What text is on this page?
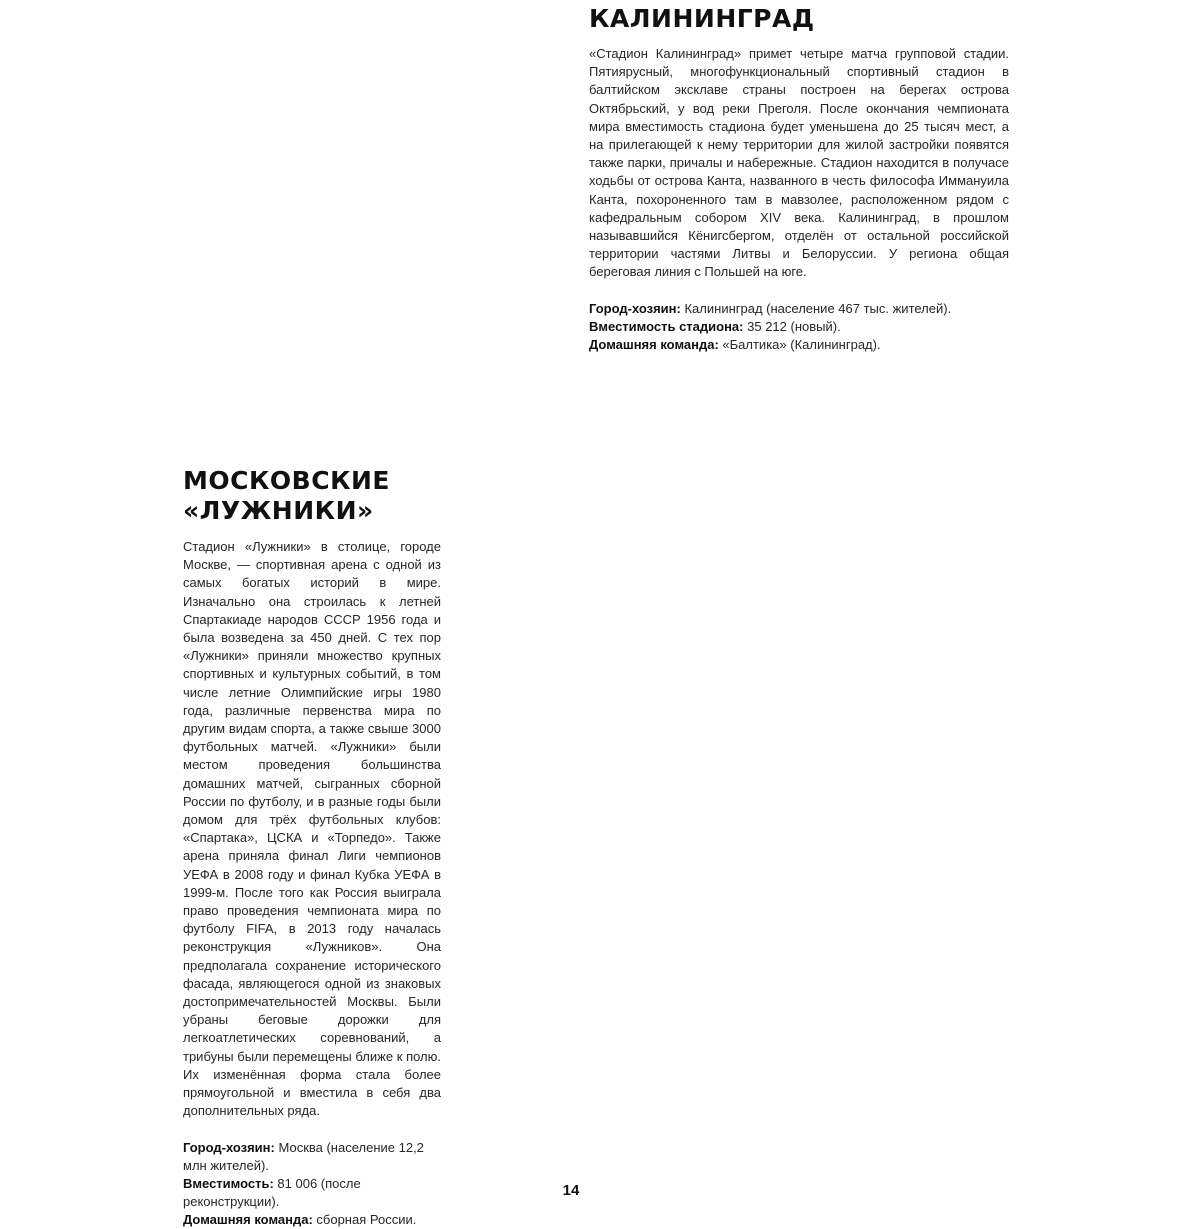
КАЛИНИНГРАД

«Стадион Калининград» примет четыре матча групповой стадии. Пятиярусный, многофункциональный спортивный стадион в балтийском эксклаве страны построен на берегах острова Октябрьский, у вод реки Преголя. После окончания чемпионата мира вместимость стадиона будет уменьшена до 25 тысяч мест, а на прилегающей к нему территории для жилой застройки появятся также парки, причалы и набережные. Стадион находится в получасе ходьбы от острова Канта, названного в честь философа Иммануила Канта, похороненного там в мавзолее, расположенном рядом с кафедральным собором XIV века. Калининград, в прошлом называвшийся Кёнигсбергом, отделён от остальной российской территории частями Литвы и Белоруссии. У региона общая береговая линия с Польшей на юге.

Город-хозяин: Калининград (население 467 тыс. жителей).
Вместимость стадиона: 35 212 (новый).
Домашняя команда: «Балтика» (Калининград).
МОСКОВСКИЕ
«ЛУЖНИКИ»

Стадион «Лужники» в столице, городе Москве, — спортивная арена с одной из самых богатых историй в мире. Изначально она строилась к летней Спартакиаде народов СССР 1956 года и была возведена за 450 дней. С тех пор «Лужники» приняли множество крупных спортивных и культурных событий, в том числе летние Олимпийские игры 1980 года, различные первенства мира по другим видам спорта, а также свыше 3000 футбольных матчей. «Лужники» были местом проведения большинства домашних матчей, сыгранных сборной России по футболу, и в разные годы были домом для трёх футбольных клубов: «Спартака», ЦСКА и «Торпедо». Также арена приняла финал Лиги чемпионов УЕФА в 2008 году и финал Кубка УЕФА в 1999-м. После того как Россия выиграла право проведения чемпионата мира по футболу FIFA, в 2013 году началась реконструкция «Лужников». Она предполагала сохранение исторического фасада, являющегося одной из знаковых достопримечательностей Москвы. Были убраны беговые дорожки для легкоатлетических соревнований, а трибуны были перемещены ближе к полю. Их изменённая форма стала более прямоугольной и вместила в себя два дополнительных ряда.

Город-хозяин: Москва (население 12,2 млн жителей).
Вместимость: 81 006 (после реконструкции).
Домашняя команда: сборная России.
14
